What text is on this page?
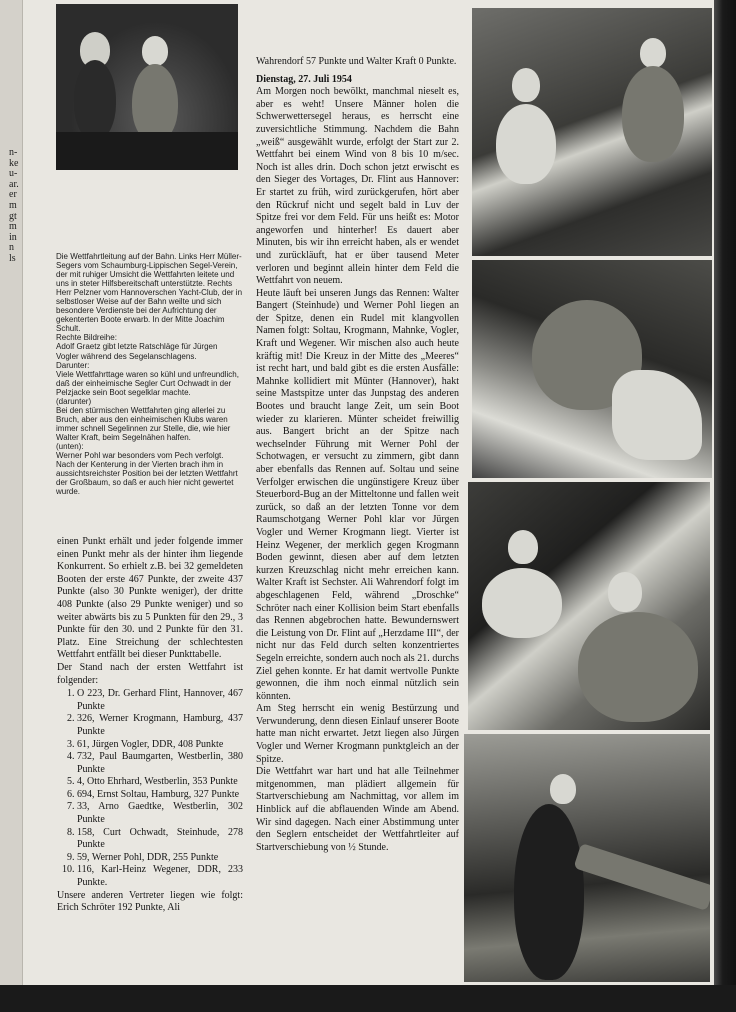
n-
ke
u-
ar.
er
m
gt
m
in
n
ls	Die Wettfahrtleitung auf der Bahn. Links Herr Müller-Segers vom Schaumburg-Lippischen Segel-Verein, der mit ruhiger Umsicht die Wettfahrten leitete und uns in steter Hilfsbereitschaft unterstützte. Rechts Herr Pelzner vom Hannoverschen Yacht-Club, der in selbstloser Weise auf der Bahn weilte und sich besondere Verdienste bei der Aufrichtung der gekenterten Boote erwarb. In der Mitte Joachim Schult.

Rechte Bildreihe:

Adolf Graetz gibt letzte Ratschläge für Jürgen Vogler während des Segelanschlagens.

Darunter:

Viele Wettfahrttage waren so kühl und unfreundlich, daß der einheimische Segler Curt Ochwadt in der Pelzjacke sein Boot segelklar machte.

(darunter)

Bei den stürmischen Wettfahrten ging allerlei zu Bruch, aber aus den einheimischen Klubs waren immer schnell Segelinnen zur Stelle, die, wie hier Walter Kraft, beim Segelnähen halfen.

(unten):

Werner Pohl war besonders vom Pech verfolgt. Nach der Kenterung in der Vierten brach ihm in aussichtsreichster Position bei der letzten Wettfahrt der Großbaum, so daß er auch hier nicht gewertet wurde.

einen Punkt erhält und jeder folgende immer einen Punkt mehr als der hinter ihm liegende Konkurrent. So erhielt z.B. bei 32 gemeldeten Booten der erste 467 Punkte, der zweite 437 Punkte (also 30 Punkte weniger), der dritte 408 Punkte (also 29 Punkte weniger) und so weiter abwärts bis zu 5 Punkten für den 29., 3 Punkte für den 30. und 2 Punkte für den 31. Platz. Eine Streichung der schlechtesten Wettfahrt entfällt bei dieser Punkttabelle.

Der Stand nach der ersten Wettfahrt ist folgender:

1. O 223, Dr. Gerhard Flint, Hannover, 467 Punkte
2. 326, Werner Krogmann, Hamburg, 437 Punkte
3. 61, Jürgen Vogler, DDR, 408 Punkte
4. 732, Paul Baumgarten, Westberlin, 380 Punkte
5. 4, Otto Ehrhard, Westberlin, 353 Punkte
6. 694, Ernst Soltau, Hamburg, 327 Punkte
7. 33, Arno Gaedtke, Westberlin, 302 Punkte
8. 158, Curt Ochwadt, Steinhude, 278 Punkte
9. 59, Werner Pohl, DDR, 255 Punkte
10. 116, Karl-Heinz Wegener, DDR, 233 Punkte.

Unsere anderen Vertreter liegen wie folgt: Erich Schröter 192 Punkte, Ali

Wahrendorf 57 Punkte und Walter Kraft 0 Punkte.

Dienstag, 27. Juli 1954

Am Morgen noch bewölkt, manchmal nieselt es, aber es weht! Unsere Männer holen die Schwerwettersegel heraus, es herrscht eine zuversichtliche Stimmung. Nachdem die Bahn „weiß“ ausgewählt wurde, erfolgt der Start zur 2. Wettfahrt bei einem Wind von 8 bis 10 m/sec. Noch ist alles drin. Doch schon jetzt erwischt es den Sieger des Vortages, Dr. Flint aus Hannover: Er startet zu früh, wird zurückgerufen, hört aber den Rückruf nicht und segelt bald in Luv der Spitze frei vor dem Feld. Für uns heißt es: Motor angeworfen und hinterher! Es dauert aber Minuten, bis wir ihn erreicht haben, als er wendet und zurückläuft, hat er über tausend Meter verloren und beginnt allein hinter dem Feld die Wettfahrt von neuem.

Heute läuft bei unseren Jungs das Rennen: Walter Bangert (Steinhude) und Werner Pohl liegen an der Spitze, denen ein Rudel mit klangvollen Namen folgt: Soltau, Krogmann, Mahnke, Vogler, Kraft und Wegener. Wir mischen also auch heute kräftig mit! Die Kreuz in der Mitte des „Meeres“ ist recht hart, und bald gibt es die ersten Ausfälle: Mahnke kollidiert mit Münter (Hannover), hakt seine Mastspitze unter das Junpstag des anderen Bootes und braucht lange Zeit, um sein Boot wieder zu klarieren. Münter scheidet freiwillig aus. Bangert bricht an der Spitze nach wechselnder Führung mit Werner Pohl der Schotwagen, er versucht zu zimmern, gibt dann aber ebenfalls das Rennen auf. Soltau und seine Verfolger erwischen die ungünstigere Kreuz über Steuerbord-Bug an der Mitteltonne und fallen weit zurück, so daß an der letzten Tonne vor dem Raumschotgang Werner Pohl klar vor Jürgen Vogler und Werner Krogmann liegt. Vierter ist Heinz Wegener, der merklich gegen Krogmann Boden gewinnt, diesen aber auf dem letzten kurzen Kreuzschlag nicht mehr erreichen kann. Walter Kraft ist Sechster. Ali Wahrendorf folgt im abgeschlagenen Feld, während „Droschke“ Schröter nach einer Kollision beim Start ebenfalls das Rennen abgebrochen hatte. Bewundernswert die Leistung von Dr. Flint auf „Herzdame III“, der nicht nur das Feld durch selten konzentriertes Segeln erreichte, sondern auch noch als 21. durchs Ziel gehen konnte. Er hat damit wertvolle Punkte gewonnen, die ihm noch einmal nützlich sein könnten.

Am Steg herrscht ein wenig Bestürzung und Verwunderung, denn diesen Einlauf unserer Boote hatte man nicht erwartet. Jetzt liegen also Jürgen Vogler und Werner Krogmann punktgleich an der Spitze.

Die Wettfahrt war hart und hat alle Teilnehmer mitgenommen, man plädiert allgemein für Startverschiebung am Nachmittag, vor allem im Hinblick auf die abflauenden Winde am Abend. Wir sind dagegen. Nach einer Abstimmung unter den Seglern entscheidet der Wettfahrtleiter auf Startverschiebung von ½ Stunde.
